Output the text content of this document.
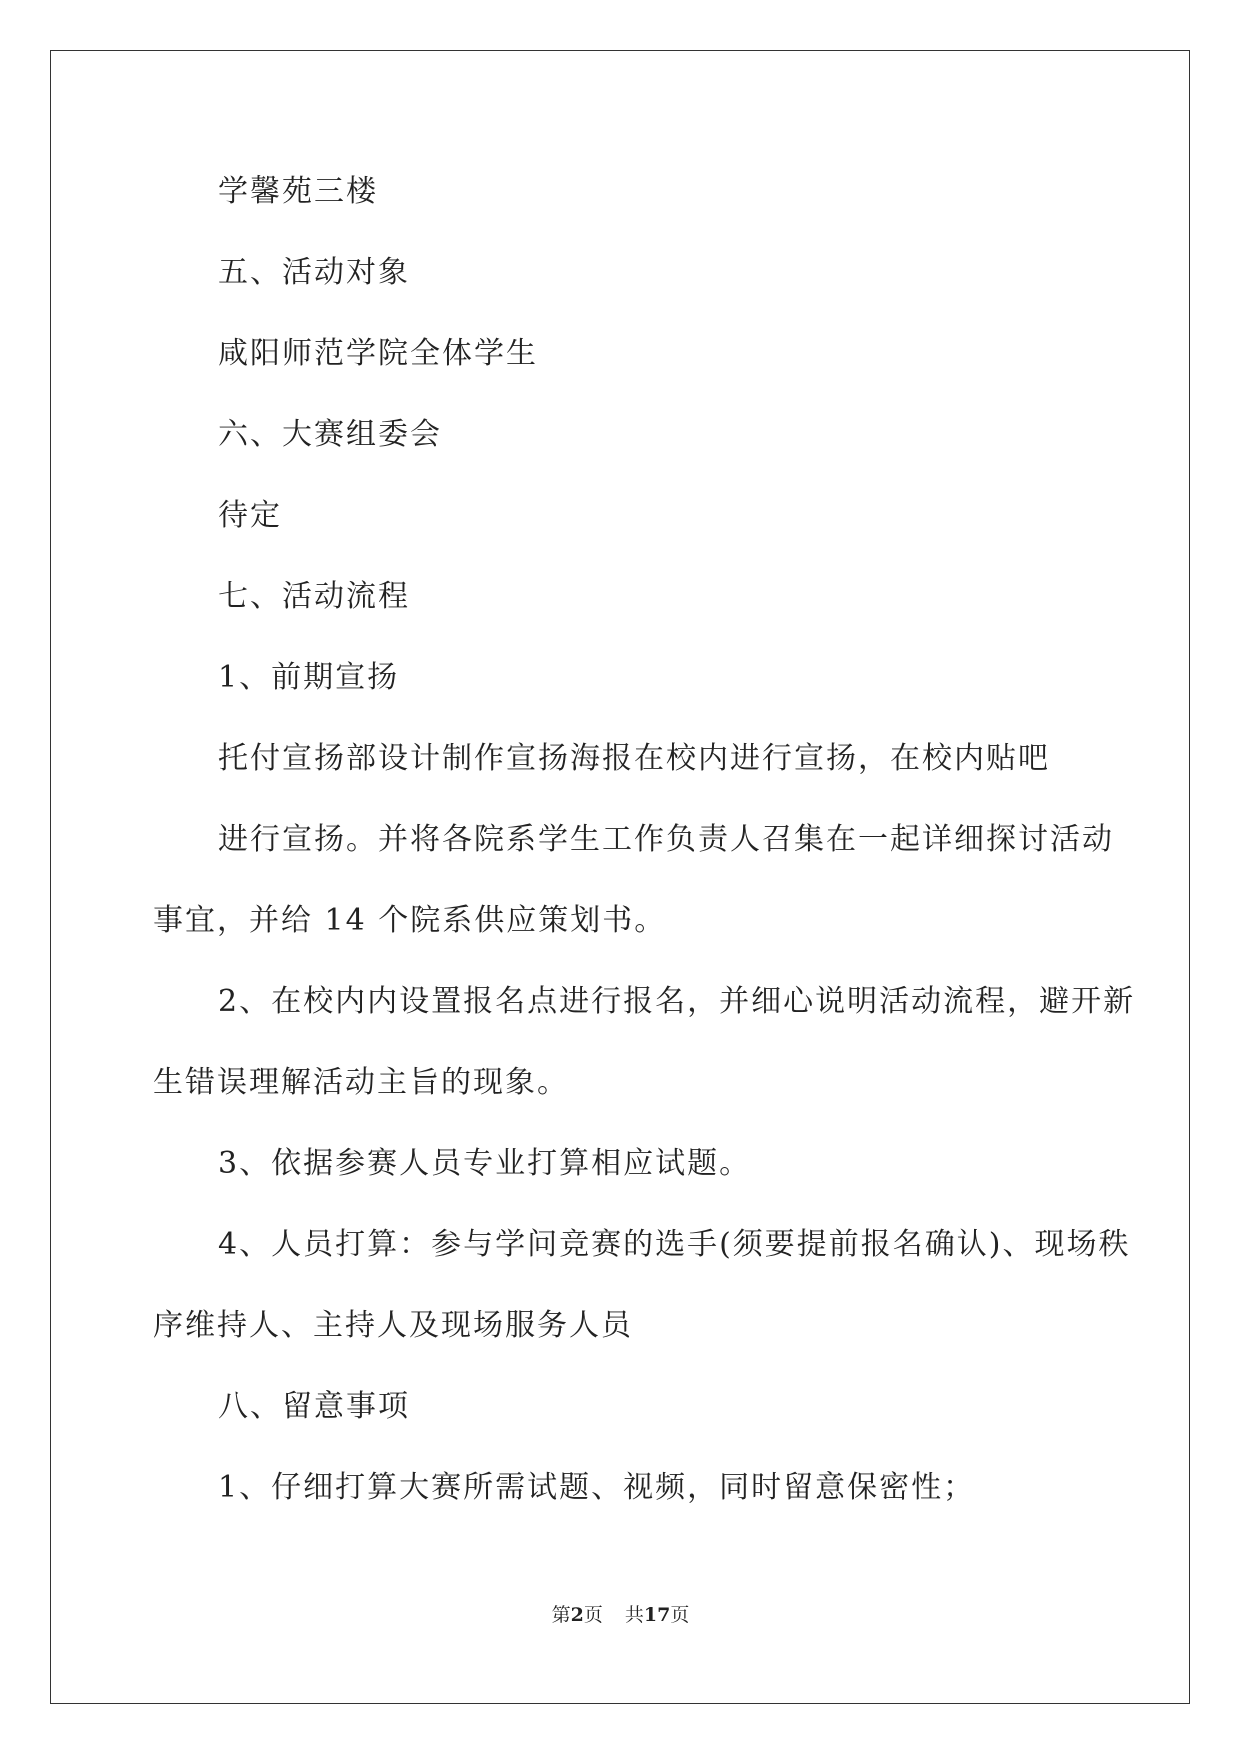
学馨苑三楼
五、活动对象
咸阳师范学院全体学生
六、大赛组委会
待定
七、活动流程
1、前期宣扬
托付宣扬部设计制作宣扬海报在校内进行宣扬，在校内贴吧
进行宣扬。并将各院系学生工作负责人召集在一起详细探讨活动
事宜，并给 14 个院系供应策划书。
2、在校内内设置报名点进行报名，并细心说明活动流程，避开新
生错误理解活动主旨的现象。
3、依据参赛人员专业打算相应试题。
4、人员打算：参与学问竞赛的选手(须要提前报名确认)、现场秩
序维持人、主持人及现场服务人员
八、留意事项
1、仔细打算大赛所需试题、视频，同时留意保密性；
第2页 共17页
